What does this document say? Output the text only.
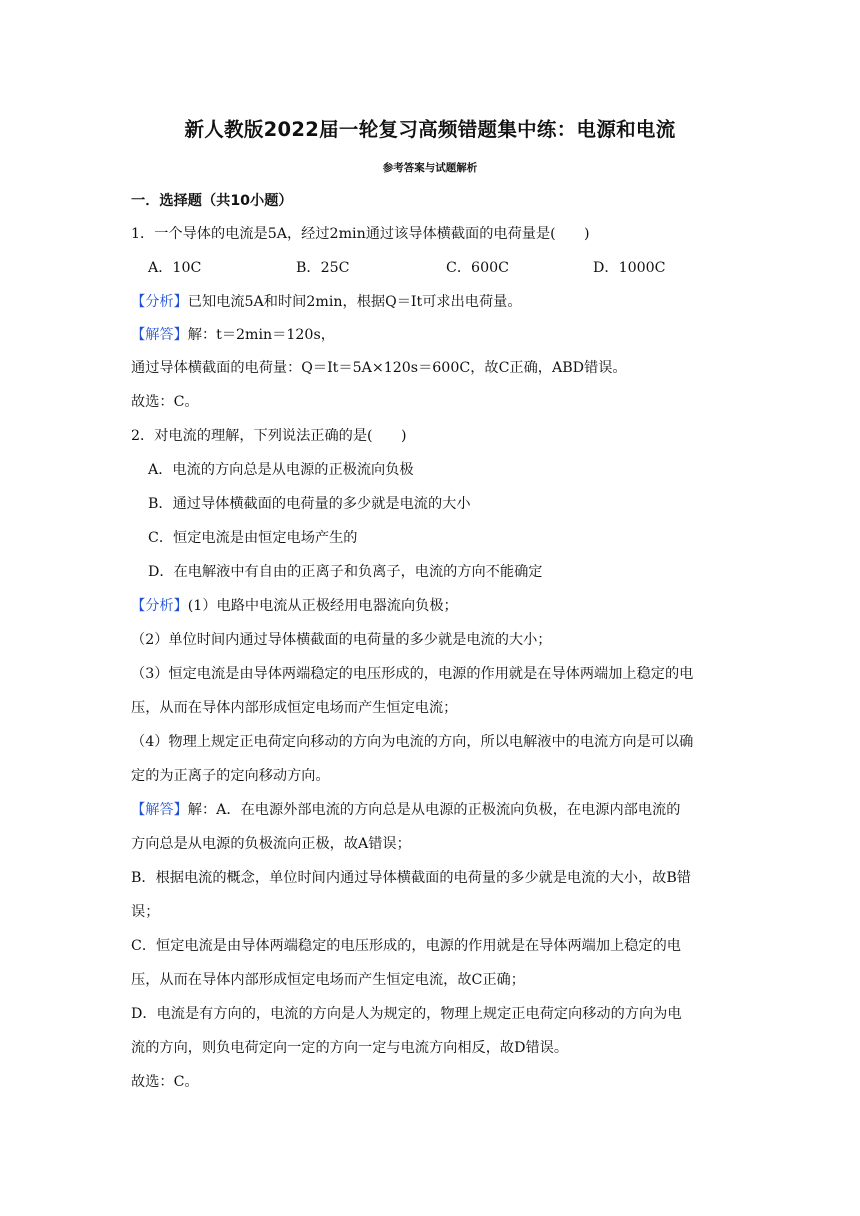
新人教版2022届一轮复习高频错题集中练：电源和电流
参考答案与试题解析
一．选择题（共10小题）
1．一个导体的电流是5A，经过2min通过该导体横截面的电荷量是(　　)
A．10C	B．25C	C．600C	D．1000C
【分析】已知电流5A和时间2min，根据Q＝It可求出电荷量。
【解答】解：t＝2min＝120s，
通过导体横截面的电荷量：Q＝It＝5A×120s＝600C，故C正确，ABD错误。
故选：C。
2．对电流的理解，下列说法正确的是(　　)
A．电流的方向总是从电源的正极流向负极
B．通过导体横截面的电荷量的多少就是电流的大小
C．恒定电流是由恒定电场产生的
D．在电解液中有自由的正离子和负离子，电流的方向不能确定
【分析】(1）电路中电流从正极经用电器流向负极；
（2）单位时间内通过导体横截面的电荷量的多少就是电流的大小；
（3）恒定电流是由导体两端稳定的电压形成的，电源的作用就是在导体两端加上稳定的电
压，从而在导体内部形成恒定电场而产生恒定电流；
（4）物理上规定正电荷定向移动的方向为电流的方向，所以电解液中的电流方向是可以确
定的为正离子的定向移动方向。
【解答】解：A．在电源外部电流的方向总是从电源的正极流向负极，在电源内部电流的
方向总是从电源的负极流向正极，故A错误；
B．根据电流的概念，单位时间内通过导体横截面的电荷量的多少就是电流的大小，故B错
误；
C．恒定电流是由导体两端稳定的电压形成的，电源的作用就是在导体两端加上稳定的电
压，从而在导体内部形成恒定电场而产生恒定电流，故C正确；
D．电流是有方向的，电流的方向是人为规定的，物理上规定正电荷定向移动的方向为电
流的方向，则负电荷定向一定的方向一定与电流方向相反，故D错误。
故选：C。
